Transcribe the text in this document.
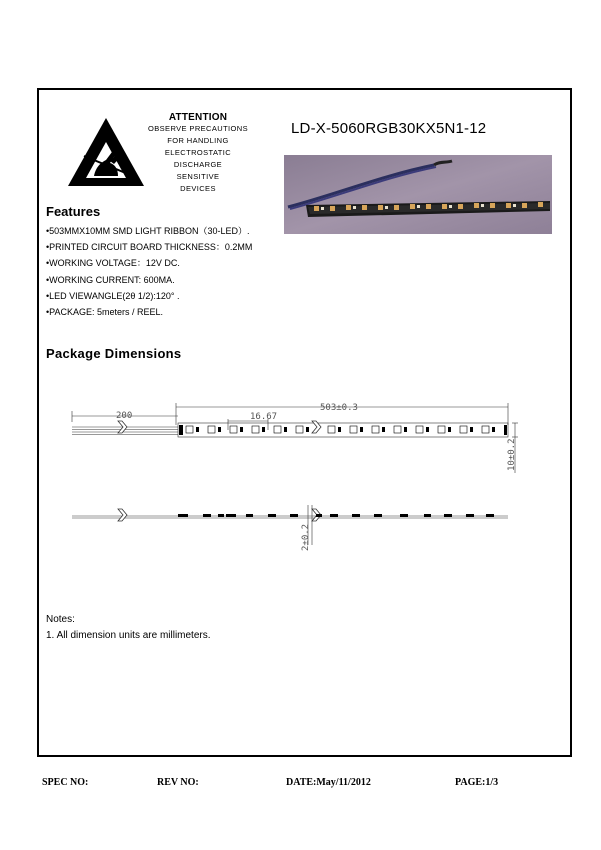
ATTENTION
OBSERVE PRECAUTIONS
FOR HANDLING
ELECTROSTATIC
DISCHARGE
SENSITIVE
DEVICES
LD-X-5060RGB30KX5N1-12
Features
•503MMX10MM SMD LIGHT RIBBON（30-LED）.
•PRINTED CIRCUIT BOARD THICKNESS：0.2MM
•WORKING VOLTAGE：12V DC.
•WORKING CURRENT: 600MA.
•LED VIEWANGLE(2θ 1/2):120° .
•PACKAGE: 5meters / REEL.
Package Dimensions
200
503±0.3
16.67
10±0.2
2±0.2
Notes:
1. All dimension units are millimeters.
SPEC NO:	REV NO:	DATE:May/11/2012	PAGE:1/3
